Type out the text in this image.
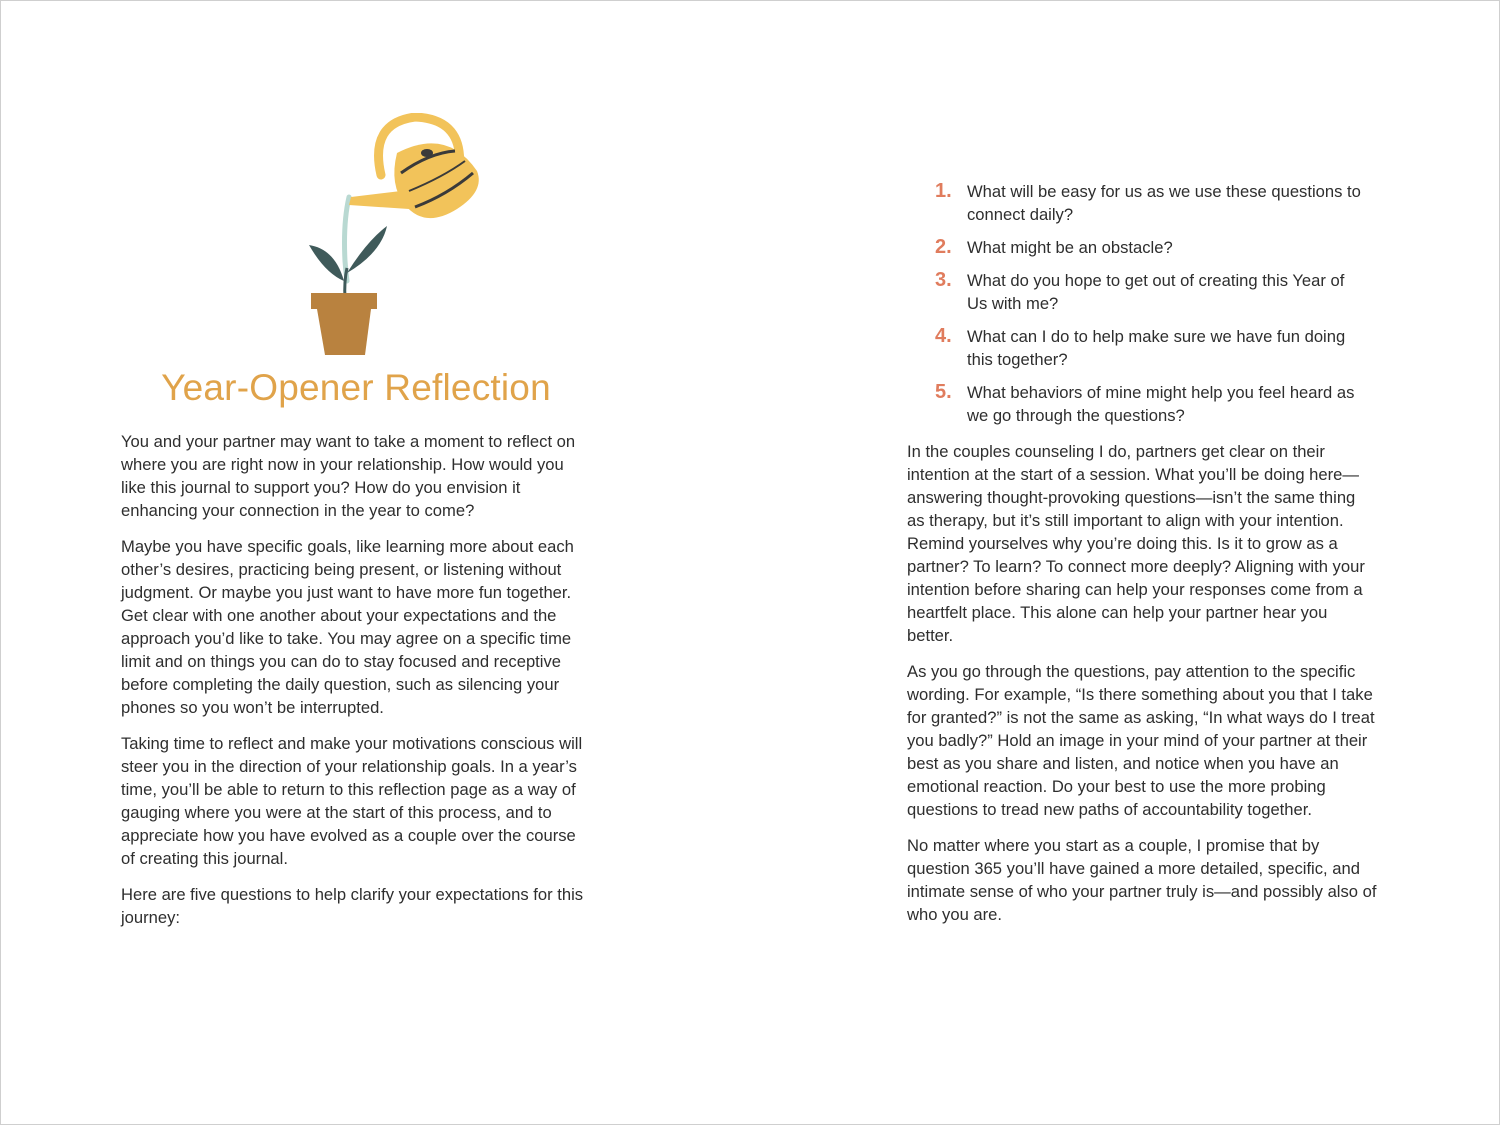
Year-Opener Reflection

You and your partner may want to take a moment to reflect on where you are right now in your relationship. How would you like this journal to support you? How do you envision it enhancing your connection in the year to come?

Maybe you have specific goals, like learning more about each other’s desires, practicing being present, or listening without judgment. Or maybe you just want to have more fun together. Get clear with one another about your expectations and the approach you’d like to take. You may agree on a specific time limit and on things you can do to stay focused and receptive before completing the daily question, such as silencing your phones so you won’t be interrupted.

Taking time to reflect and make your motivations conscious will steer you in the direction of your relationship goals. In a year’s time, you’ll be able to return to this reflection page as a way of gauging where you were at the start of this process, and to appreciate how you have evolved as a couple over the course of creating this journal.

Here are five questions to help clarify your expectations for this journey:

1. What will be easy for us as we use these questions to connect daily?
2. What might be an obstacle?
3. What do you hope to get out of creating this Year of Us with me?
4. What can I do to help make sure we have fun doing this together?
5. What behaviors of mine might help you feel heard as we go through the questions?

In the couples counseling I do, partners get clear on their intention at the start of a session. What you’ll be doing here—answering thought-provoking questions—isn’t the same thing as therapy, but it’s still important to align with your intention. Remind yourselves why you’re doing this. Is it to grow as a partner? To learn? To connect more deeply? Aligning with your intention before sharing can help your responses come from a heartfelt place. This alone can help your partner hear you better.

As you go through the questions, pay attention to the specific wording. For example, “Is there something about you that I take for granted?” is not the same as asking, “In what ways do I treat you badly?” Hold an image in your mind of your partner at their best as you share and listen, and notice when you have an emotional reaction. Do your best to use the more probing questions to tread new paths of accountability together.

No matter where you start as a couple, I promise that by question 365 you’ll have gained a more detailed, specific, and intimate sense of who your partner truly is—and possibly also of who you are.
